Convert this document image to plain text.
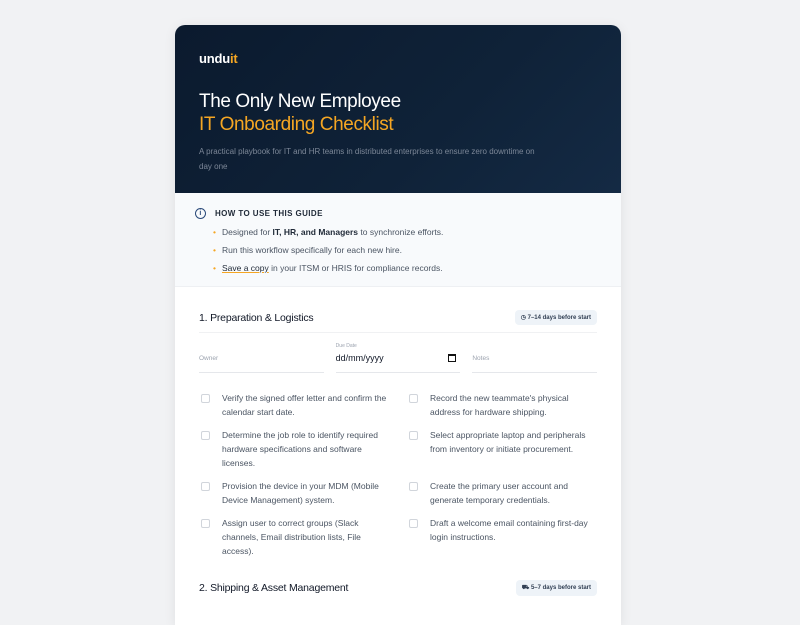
unduit
The Only New Employee
IT Onboarding Checklist
A practical playbook for IT and HR teams in distributed enterprises to ensure zero downtime on day one
i	HOW TO USE THIS GUIDE
• Designed for IT, HR, and Managers to synchronize efforts.
• Run this workflow specifically for each new hire.
• Save a copy in your ITSM or HRIS for compliance records.
1. Preparation & Logistics	◷ 7–14 days before start
Owner
Due Date
dd/mm/yyyy	Notes
Verify the signed offer letter and confirm the calendar start date.
Record the new teammate's physical address for hardware shipping.
Determine the job role to identify required hardware specifications and software licenses.
Select appropriate laptop and peripherals from inventory or initiate procurement.
Provision the device in your MDM (Mobile Device Management) system.
Create the primary user account and generate temporary credentials.
Assign user to correct groups (Slack channels, Email distribution lists, File access).
Draft a welcome email containing first-day login instructions.
2. Shipping & Asset Management	⛟ 5–7 days before start
